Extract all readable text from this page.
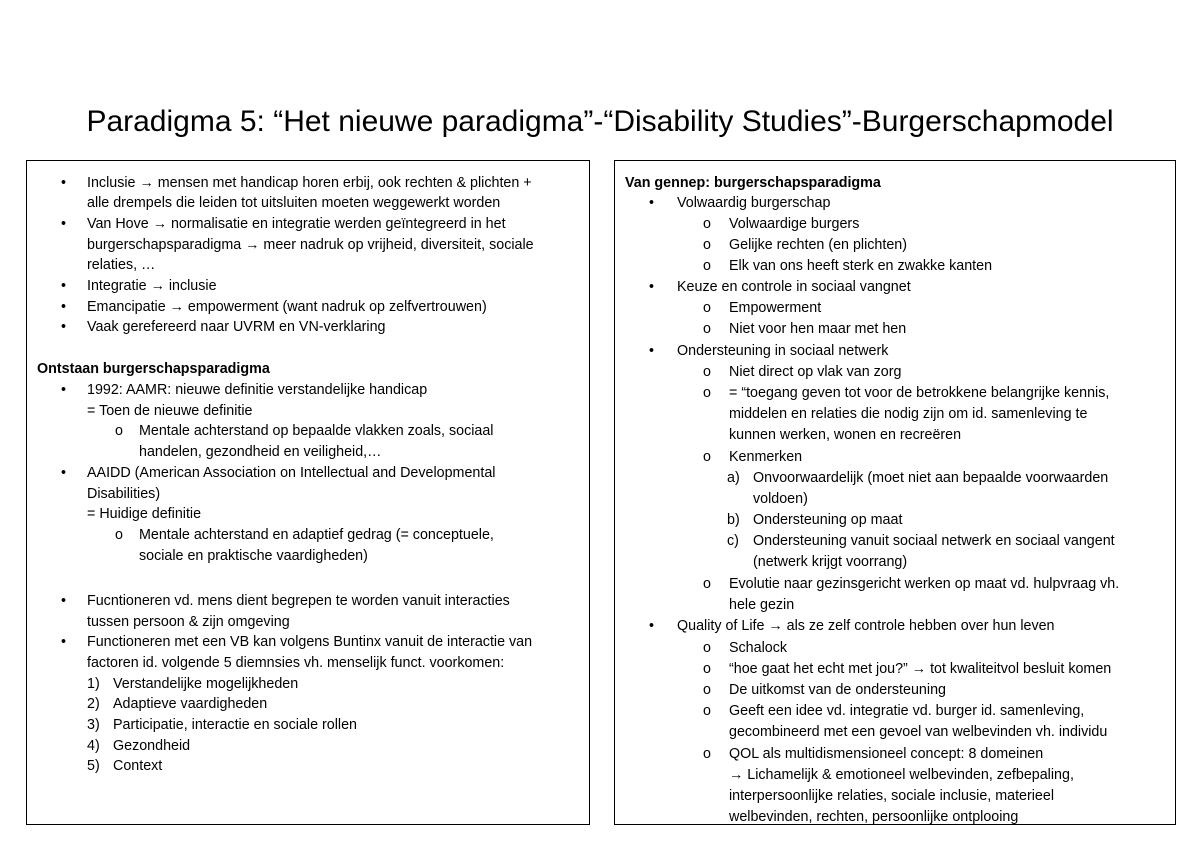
Paradigma 5: “Het nieuwe paradigma”-“Disability Studies”-Burgerschapmodel
• Inclusie → mensen met handicap horen erbij, ook rechten & plichten +
alle drempels die leiden tot uitsluiten moeten weggewerkt worden
• Van Hove → normalisatie en integratie werden geïntegreerd in het
burgerschapsparadigma → meer nadruk op vrijheid, diversiteit, sociale
relaties, …
• Integratie → inclusie
• Emancipatie → empowerment (want nadruk op zelfvertrouwen)
• Vaak gerefereerd naar UVRM en VN-verklaring
Ontstaan burgerschapsparadigma
• 1992: AAMR: nieuwe definitie verstandelijke handicap
= Toen de nieuwe definitie
o Mentale achterstand op bepaalde vlakken zoals, sociaal
handelen, gezondheid en veiligheid,…
• AAIDD (American Association on Intellectual and Developmental
Disabilities)
= Huidige definitie
o Mentale achterstand en adaptief gedrag (= conceptuele,
sociale en praktische vaardigheden)
• Fucntioneren vd. mens dient begrepen te worden vanuit interacties
tussen persoon & zijn omgeving
• Functioneren met een VB kan volgens Buntinx vanuit de interactie van
factoren id. volgende 5 diemnsies vh. menselijk funct. voorkomen:
1) Verstandelijke mogelijkheden
2) Adaptieve vaardigheden
3) Participatie, interactie en sociale rollen
4) Gezondheid
5) Context
Van gennep: burgerschapsparadigma
• Volwaardig burgerschap
o Volwaardige burgers
o Gelijke rechten (en plichten)
o Elk van ons heeft sterk en zwakke kanten
• Keuze en controle in sociaal vangnet
o Empowerment
o Niet voor hen maar met hen
• Ondersteuning in sociaal netwerk
o Niet direct op vlak van zorg
o = “toegang geven tot voor de betrokkene belangrijke kennis,
middelen en relaties die nodig zijn om id. samenleving te
kunnen werken, wonen en recreëren
o Kenmerken
a) Onvoorwaardelijk (moet niet aan bepaalde voorwaarden
voldoen)
b) Ondersteuning op maat
c) Ondersteuning vanuit sociaal netwerk en sociaal vangent
(netwerk krijgt voorrang)
o Evolutie naar gezinsgericht werken op maat vd. hulpvraag vh.
hele gezin
• Quality of Life → als ze zelf controle hebben over hun leven
o Schalock
o “hoe gaat het echt met jou?” → tot kwaliteitvol besluit komen
o De uitkomst van de ondersteuning
o Geeft een idee vd. integratie vd. burger id. samenleving,
gecombineerd met een gevoel van welbevinden vh. individu
o QOL als multidismensioneel concept: 8 domeinen
→ Lichamelijk & emotioneel welbevinden, zefbepaling,
interpersoonlijke relaties, sociale inclusie, materieel
welbevinden, rechten, persoonlijke ontplooing
